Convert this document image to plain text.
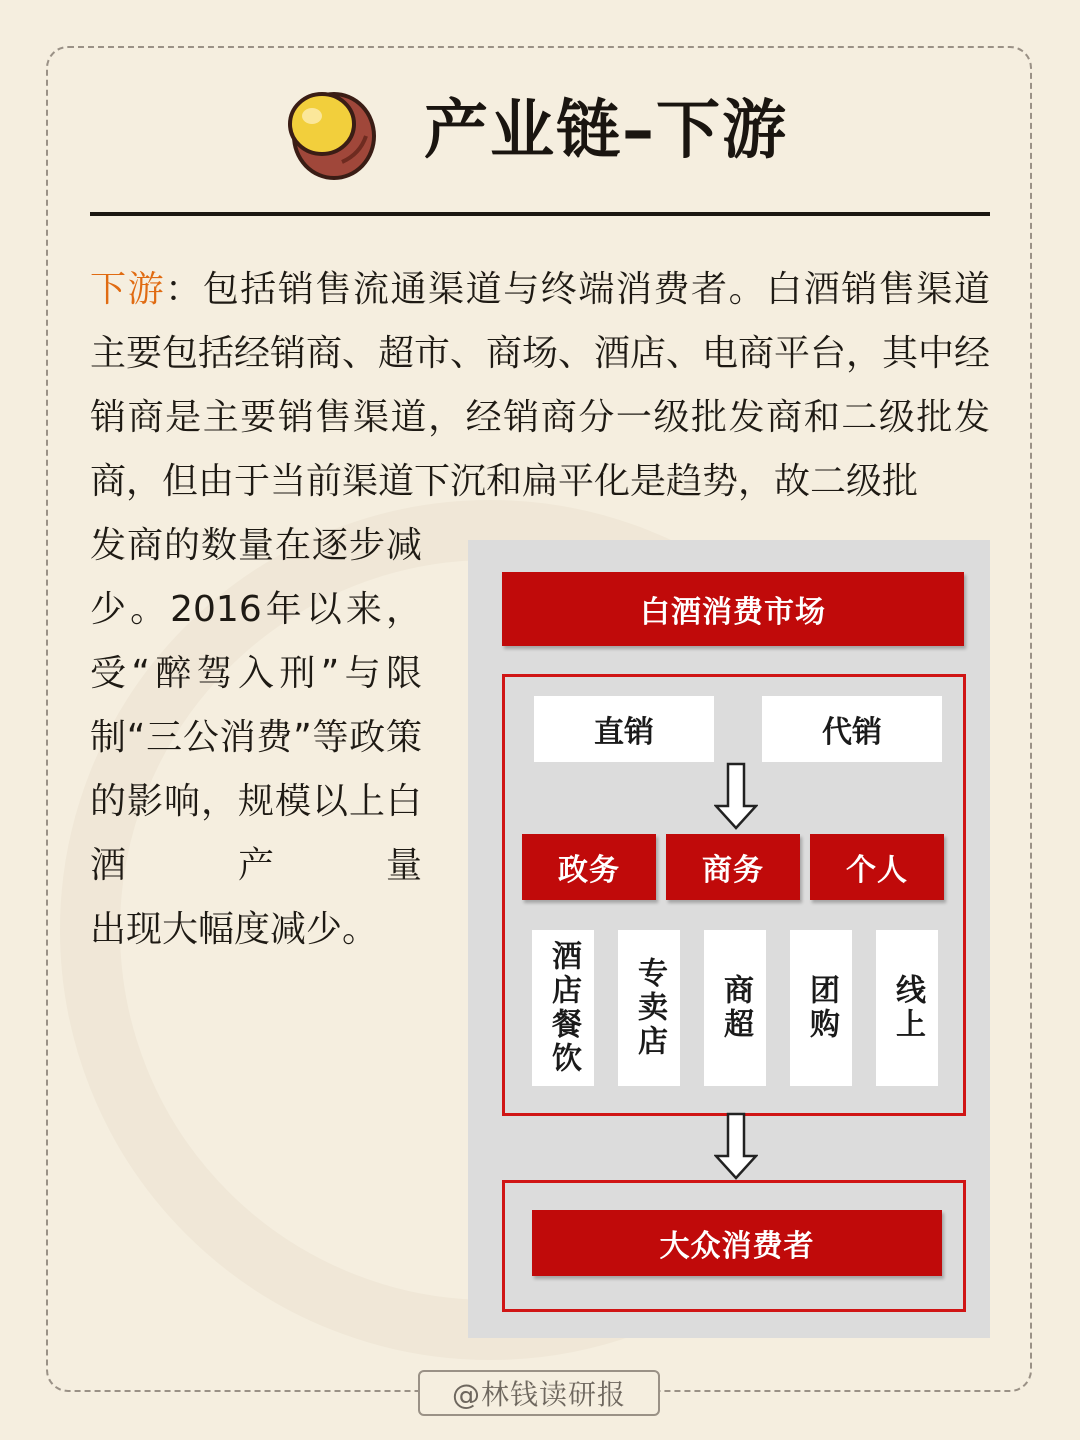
产业链–下游
下游：包括销售流通渠道与终端消费者。白酒销售渠道主要包括经销商、超市、商场、酒店、电商平台，其中经销商是主要销售渠道，经销商分一级批发商和二级批发商，但由于当前渠道下沉和扁平化是趋势，故二级批
发商的数量在逐步减少。2016年以来，受“醉驾入刑”与限制“三公消费”等政策的影响，规模以上白酒产量
出现大幅度减少。
白酒消费市场
直销	代销
政务	商务	个人
酒店餐饮	专卖店	商超	团购	线上
大众消费者
@林钱读研报
